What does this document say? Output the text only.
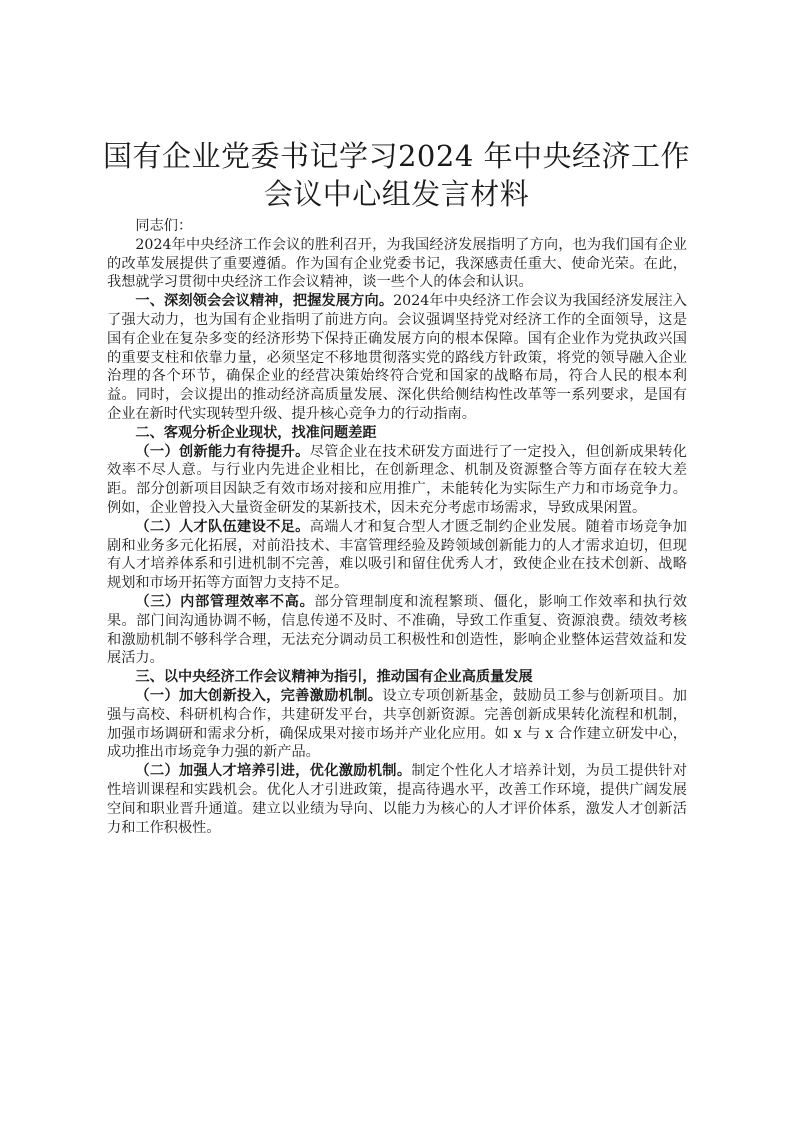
国有企业党委书记学习2024 年中央经济工作
会议中心组发言材料

同志们：

2024年中央经济工作会议的胜利召开，为我国经济发展指明了方向，也为我们国有企业的改革发展提供了重要遵循。作为国有企业党委书记，我深感责任重大、使命光荣。在此，我想就学习贯彻中央经济工作会议精神，谈一些个人的体会和认识。

一、深刻领会会议精神，把握发展方向。2024年中央经济工作会议为我国经济发展注入了强大动力，也为国有企业指明了前进方向。会议强调坚持党对经济工作的全面领导，这是国有企业在复杂多变的经济形势下保持正确发展方向的根本保障。国有企业作为党执政兴国的重要支柱和依靠力量，必须坚定不移地贯彻落实党的路线方针政策，将党的领导融入企业治理的各个环节，确保企业的经营决策始终符合党和国家的战略布局，符合人民的根本利益。同时，会议提出的推动经济高质量发展、深化供给侧结构性改革等一系列要求，是国有企业在新时代实现转型升级、提升核心竞争力的行动指南。

二、客观分析企业现状，找准问题差距

（一）创新能力有待提升。尽管企业在技术研发方面进行了一定投入，但创新成果转化效率不尽人意。与行业内先进企业相比，在创新理念、机制及资源整合等方面存在较大差距。部分创新项目因缺乏有效市场对接和应用推广，未能转化为实际生产力和市场竞争力。例如，企业曾投入大量资金研发的某新技术，因未充分考虑市场需求，导致成果闲置。

（二）人才队伍建设不足。高端人才和复合型人才匮乏制约企业发展。随着市场竞争加剧和业务多元化拓展，对前沿技术、丰富管理经验及跨领域创新能力的人才需求迫切，但现有人才培养体系和引进机制不完善，难以吸引和留住优秀人才，致使企业在技术创新、战略规划和市场开拓等方面智力支持不足。

（三）内部管理效率不高。部分管理制度和流程繁琐、僵化，影响工作效率和执行效果。部门间沟通协调不畅，信息传递不及时、不准确，导致工作重复、资源浪费。绩效考核和激励机制不够科学合理，无法充分调动员工积极性和创造性，影响企业整体运营效益和发展活力。

三、以中央经济工作会议精神为指引，推动国有企业高质量发展

（一）加大创新投入，完善激励机制。设立专项创新基金，鼓励员工参与创新项目。加强与高校、科研机构合作，共建研发平台，共享创新资源。完善创新成果转化流程和机制，加强市场调研和需求分析，确保成果对接市场并产业化应用。如 x 与 x 合作建立研发中心，成功推出市场竞争力强的新产品。

（二）加强人才培养引进，优化激励机制。制定个性化人才培养计划，为员工提供针对性培训课程和实践机会。优化人才引进政策，提高待遇水平，改善工作环境，提供广阔发展空间和职业晋升通道。建立以业绩为导向、以能力为核心的人才评价体系，激发人才创新活力和工作积极性。
